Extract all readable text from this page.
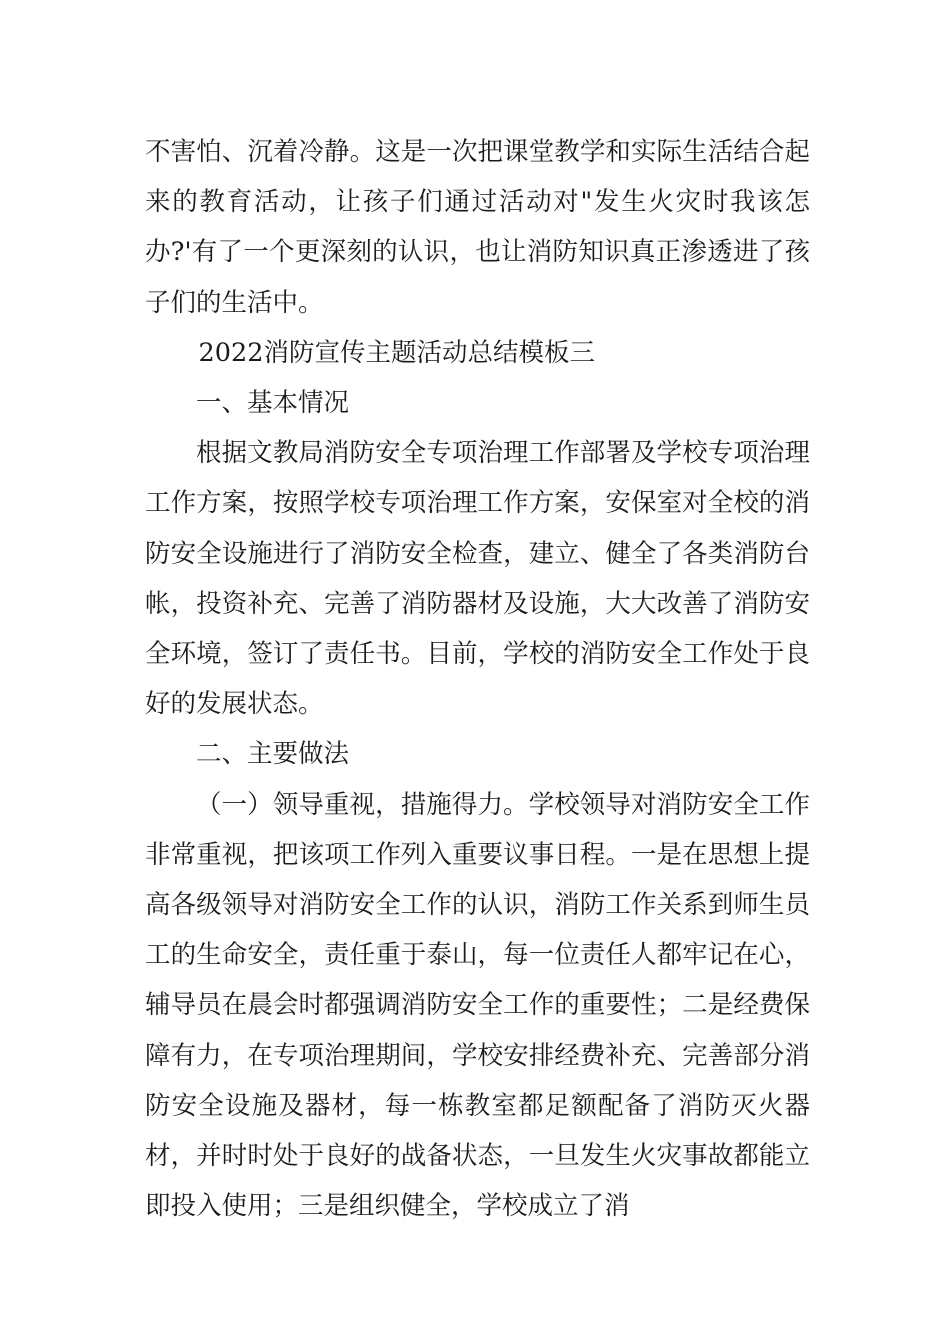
不害怕、沉着冷静。这是一次把课堂教学和实际生活结合起来的教育活动，让孩子们通过活动对"发生火灾时我该怎办?'有了一个更深刻的认识，也让消防知识真正渗透进了孩子们的生活中。

2022消防宣传主题活动总结模板三

一、基本情况

根据文教局消防安全专项治理工作部署及学校专项治理工作方案，按照学校专项治理工作方案，安保室对全校的消防安全设施进行了消防安全检查，建立、健全了各类消防台帐，投资补充、完善了消防器材及设施，大大改善了消防安全环境，签订了责任书。目前，学校的消防安全工作处于良好的发展状态。

二、主要做法

（一）领导重视，措施得力。学校领导对消防安全工作非常重视，把该项工作列入重要议事日程。一是在思想上提高各级领导对消防安全工作的认识，消防工作关系到师生员工的生命安全，责任重于泰山，每一位责任人都牢记在心，辅导员在晨会时都强调消防安全工作的重要性；二是经费保障有力，在专项治理期间，学校安排经费补充、完善部分消防安全设施及器材，每一栋教室都足额配备了消防灭火器材，并时时处于良好的战备状态，一旦发生火灾事故都能立即投入使用；三是组织健全，学校成立了消
